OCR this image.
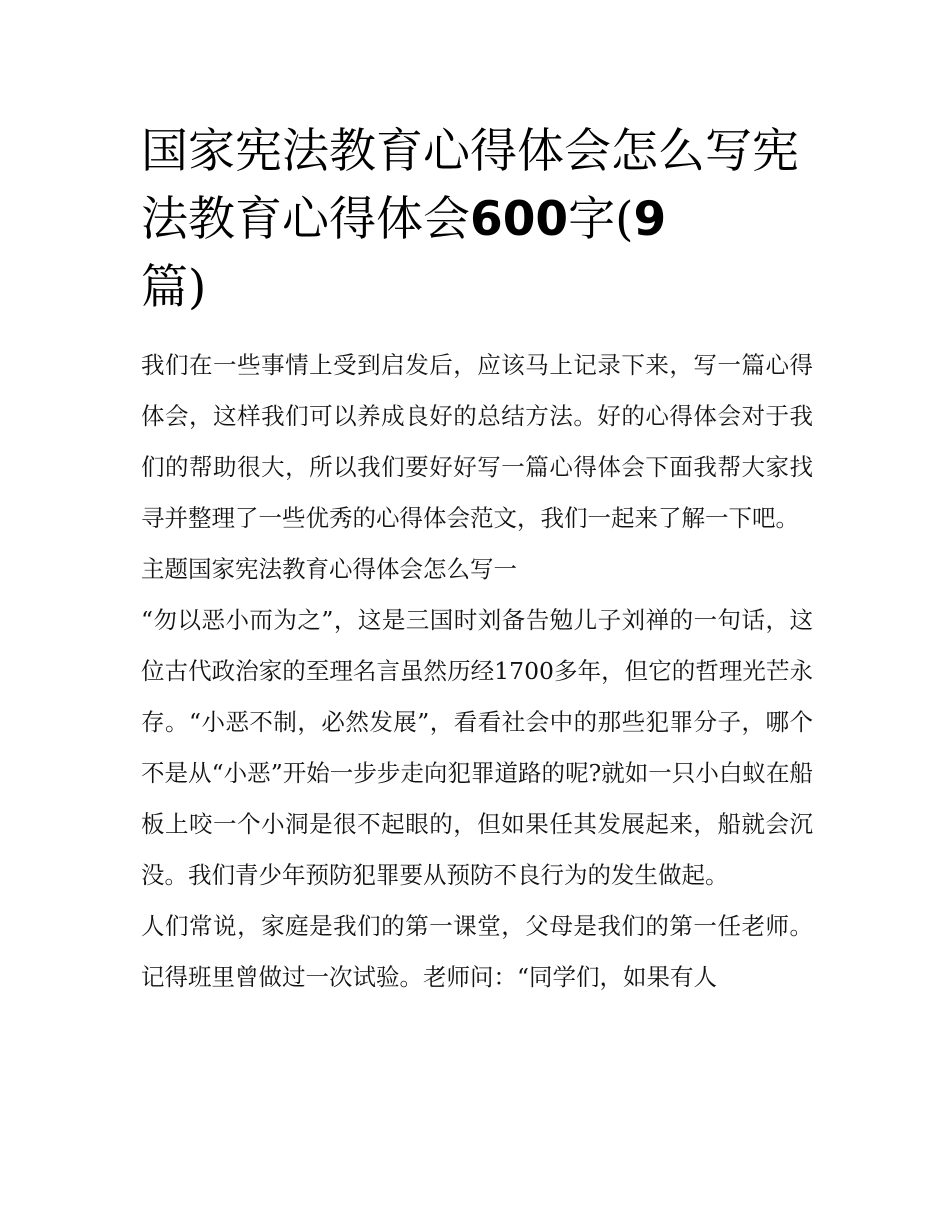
国家宪法教育心得体会怎么写宪法教育心得体会600字(9
篇)

我们在一些事情上受到启发后，应该马上记录下来，写一篇心得体会，这样我们可以养成良好的总结方法。好的心得体会对于我们的帮助很大，所以我们要好好写一篇心得体会下面我帮大家找寻并整理了一些优秀的心得体会范文，我们一起来了解一下吧。

主题国家宪法教育心得体会怎么写一

“勿以恶小而为之”，这是三国时刘备告勉儿子刘禅的一句话，这位古代政治家的至理名言虽然历经1700多年，但它的哲理光芒永存。“小恶不制，必然发展”，看看社会中的那些犯罪分子，哪个不是从“小恶”开始一步步走向犯罪道路的呢?就如一只小白蚁在船板上咬一个小洞是很不起眼的，但如果任其发展起来，船就会沉没。我们青少年预防犯罪要从预防不良行为的发生做起。

人们常说，家庭是我们的第一课堂，父母是我们的第一任老师。记得班里曾做过一次试验。老师问：“同学们，如果有人
